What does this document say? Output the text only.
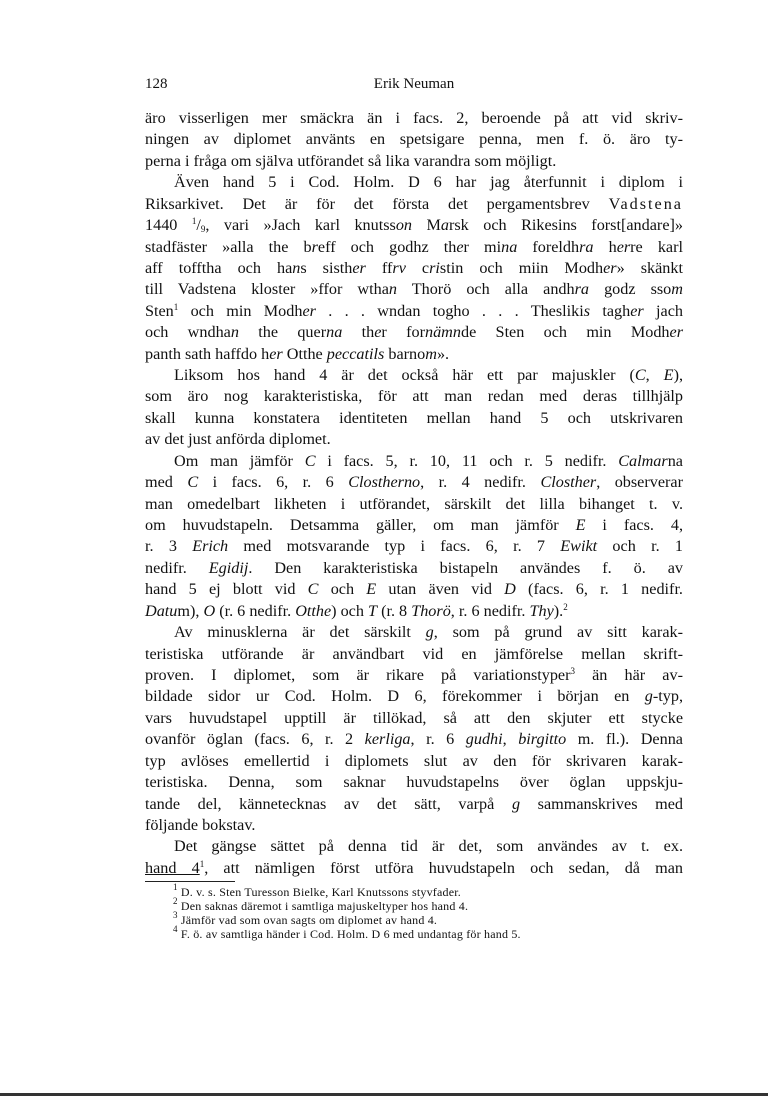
128	Erik Neuman
äro visserligen mer smäckra än i facs. 2, beroende på att vid skriv-
ningen av diplomet använts en spetsigare penna, men f. ö. äro ty-
perna i fråga om själva utförandet så lika varandra som möjligt.
Även hand 5 i Cod. Holm. D 6 har jag återfunnit i diplom i
Riksarkivet. Det är för det första det pergamentsbrev Vadstena
1440 $^1/_9$, vari »Jach karl knutsson Marsk och Rikesins forst[andare]»
stadfäster »alla the breff och godhz ther mina foreldhra herre karl
aff tofftha och hans sisther ffrv cristin och miin Modher» skänkt
till Vadstena kloster »ffor wthan Thorö och alla andhra godz ssom
Sten$^1$ och min Modher . . . wndan togho . . . Theslikis tagher jach
och wndhan the querna ther fornämnde Sten och min Modher
panth sath haffdo her Otthe peccatils barnom».
Liksom hos hand 4 är det också här ett par majuskler (C, E),
som äro nog karakteristiska, för att man redan med deras tillhjälp
skall kunna konstatera identiteten mellan hand 5 och utskrivaren
av det just anförda diplomet.
Om man jämför C i facs. 5, r. 10, 11 och r. 5 nedifr. Calmarna
med C i facs. 6, r. 6 Clostherno, r. 4 nedifr. Closther, observerar
man omedelbart likheten i utförandet, särskilt det lilla bihanget t. v.
om huvudstapeln. Detsamma gäller, om man jämför E i facs. 4,
r. 3 Erich med motsvarande typ i facs. 6, r. 7 Ewikt och r. 1
nedifr. Egidij. Den karakteristiska bistapeln användes f. ö. av
hand 5 ej blott vid C och E utan även vid D (facs. 6, r. 1 nedifr.
Datum), O (r. 6 nedifr. Otthe) och T (r. 8 Thorö, r. 6 nedifr. Thy).$^2$
Av minusklerna är det särskilt g, som på grund av sitt karak-
teristiska utförande är användbart vid en jämförelse mellan skrift-
proven. I diplomet, som är rikare på variationstyper$^3$ än här av-
bildade sidor ur Cod. Holm. D 6, förekommer i början en g-typ,
vars huvudstapel upptill är tillökad, så att den skjuter ett stycke
ovanför öglan (facs. 6, r. 2 kerliga, r. 6 gudhi, birgitto m. fl.). Denna
typ avlöses emellertid i diplomets slut av den för skrivaren karak-
teristiska. Denna, som saknar huvudstapelns över öglan uppskju-
tande del, kännetecknas av det sätt, varpå g sammanskrives med
följande bokstav.
Det gängse sättet på denna tid är det, som användes av t. ex.
hand $4^1$, att nämligen först utföra huvudstapeln och sedan, då man
$^1$ D. v. s. Sten Turesson Bielke, Karl Knutssons styvfader.
$^2$ Den saknas däremot i samtliga majuskeltyper hos hand 4.
$^3$ Jämför vad som ovan sagts om diplomet av hand 4.
$^4$ F. ö. av samtliga händer i Cod. Holm. D 6 med undantag för hand 5.
